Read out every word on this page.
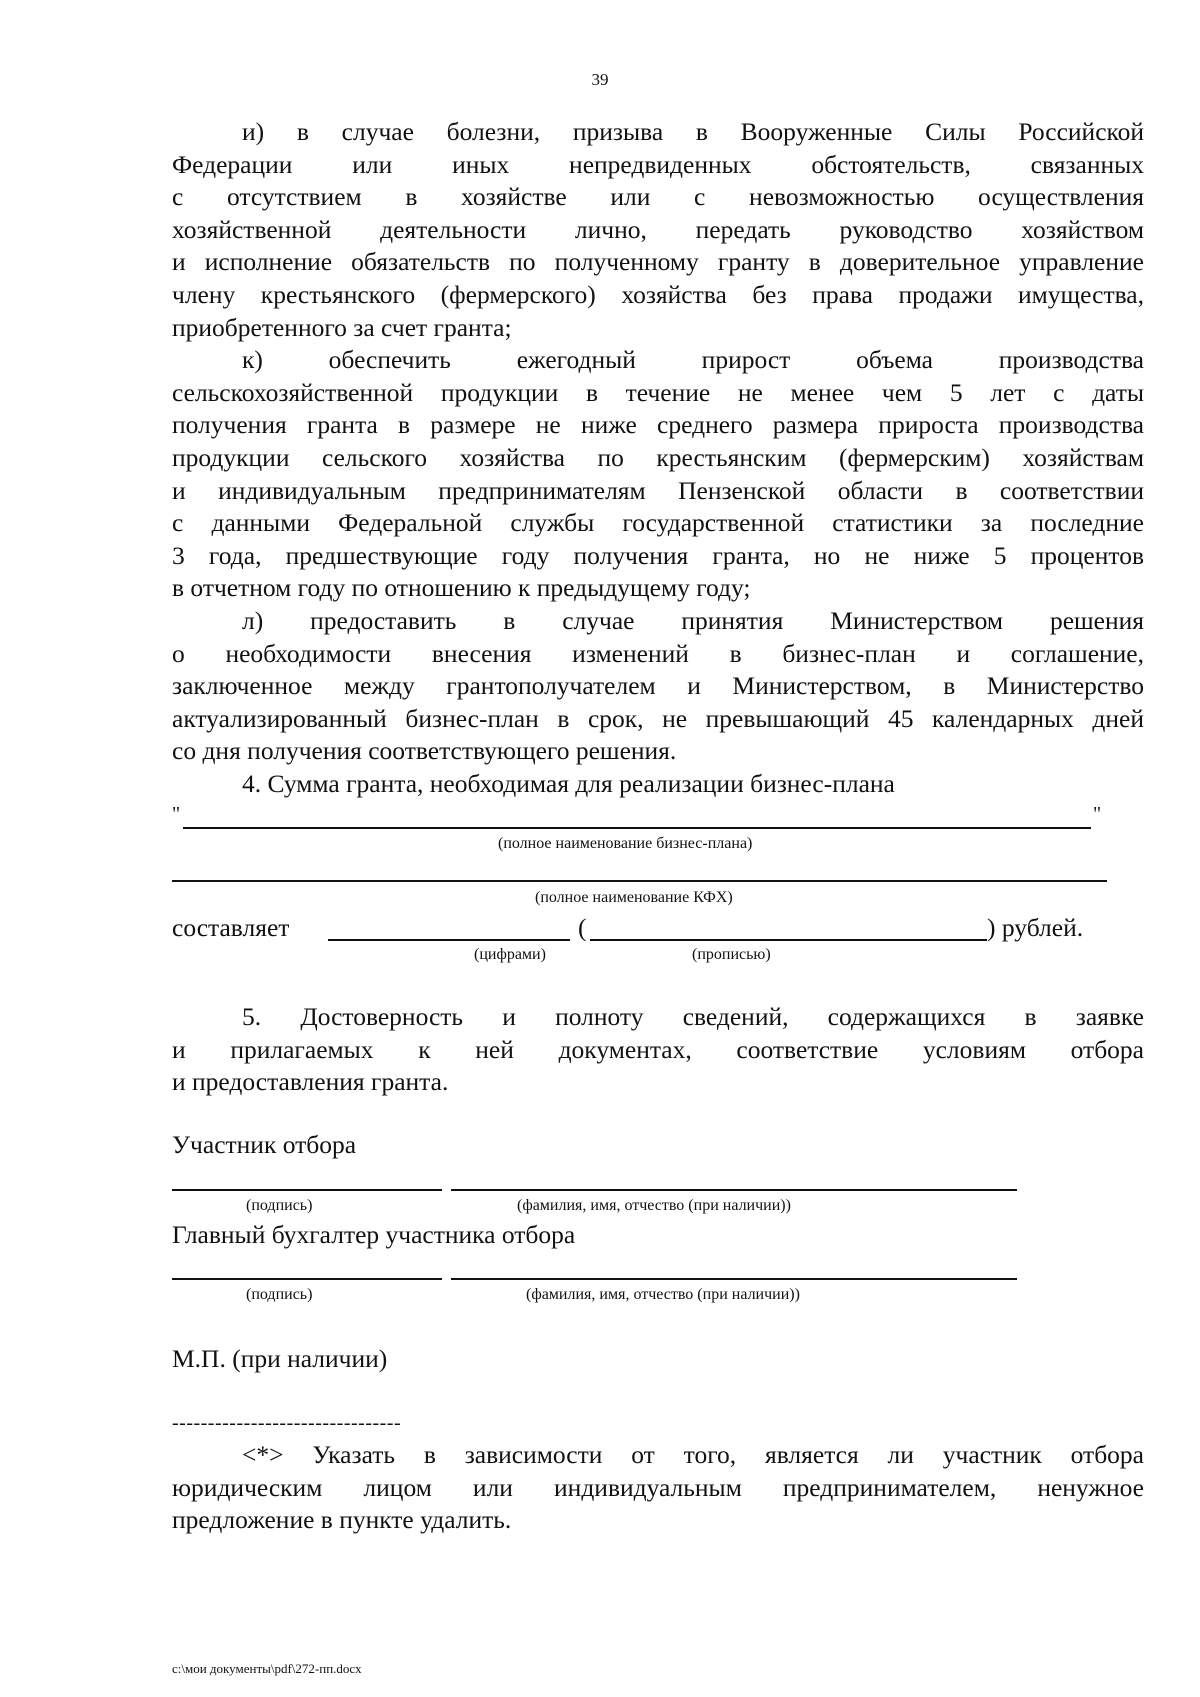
39

и) в случае болезни, призыва в Вооруженные Силы Российской

Федерации или иных непредвиденных обстоятельств, связанных

с отсутствием в хозяйстве или с невозможностью осуществления

хозяйственной деятельности лично, передать руководство хозяйством

и исполнение обязательств по полученному гранту в доверительное управление

члену крестьянского (фермерского) хозяйства без права продажи имущества,

приобретенного за счет гранта;

к) обеспечить ежегодный прирост объема производства

сельскохозяйственной продукции в течение не менее чем 5 лет с даты

получения гранта в размере не ниже среднего размера прироста производства

продукции сельского хозяйства по крестьянским (фермерским) хозяйствам

и индивидуальным предпринимателям Пензенской области в соответствии

с данными Федеральной службы государственной статистики за последние

3 года, предшествующие году получения гранта, но не ниже 5 процентов

в отчетном году по отношению к предыдущему году;

л) предоставить в случае принятия Министерством решения

о необходимости внесения изменений в бизнес-план и соглашение,

заключенное между грантополучателем и Министерством, в Министерство

актуализированный бизнес-план в срок, не превышающий 45 календарных дней

со дня получения соответствующего решения.

4. Сумма гранта, необходимая для реализации бизнес-плана

"	"
(полное наименование бизнес-плана)
(полное наименование КФХ)
составляет	(	) рублей.
(цифрами)	(прописью)

5. Достоверность и полноту сведений, содержащихся в заявке

и прилагаемых к ней документах, соответствие условиям отбора

и предоставления гранта.

Участник отбора
(подпись)	(фамилия, имя, отчество (при наличии))
Главный бухгалтер участника отбора
(подпись)	(фамилия, имя, отчество (при наличии))
М.П. (при наличии)
--------------------------------

<*> Указать в зависимости от того, является ли участник отбора

юридическим лицом или индивидуальным предпринимателем, ненужное

предложение в пункте удалить.

c:\мои документы\pdf\272-пп.docx
